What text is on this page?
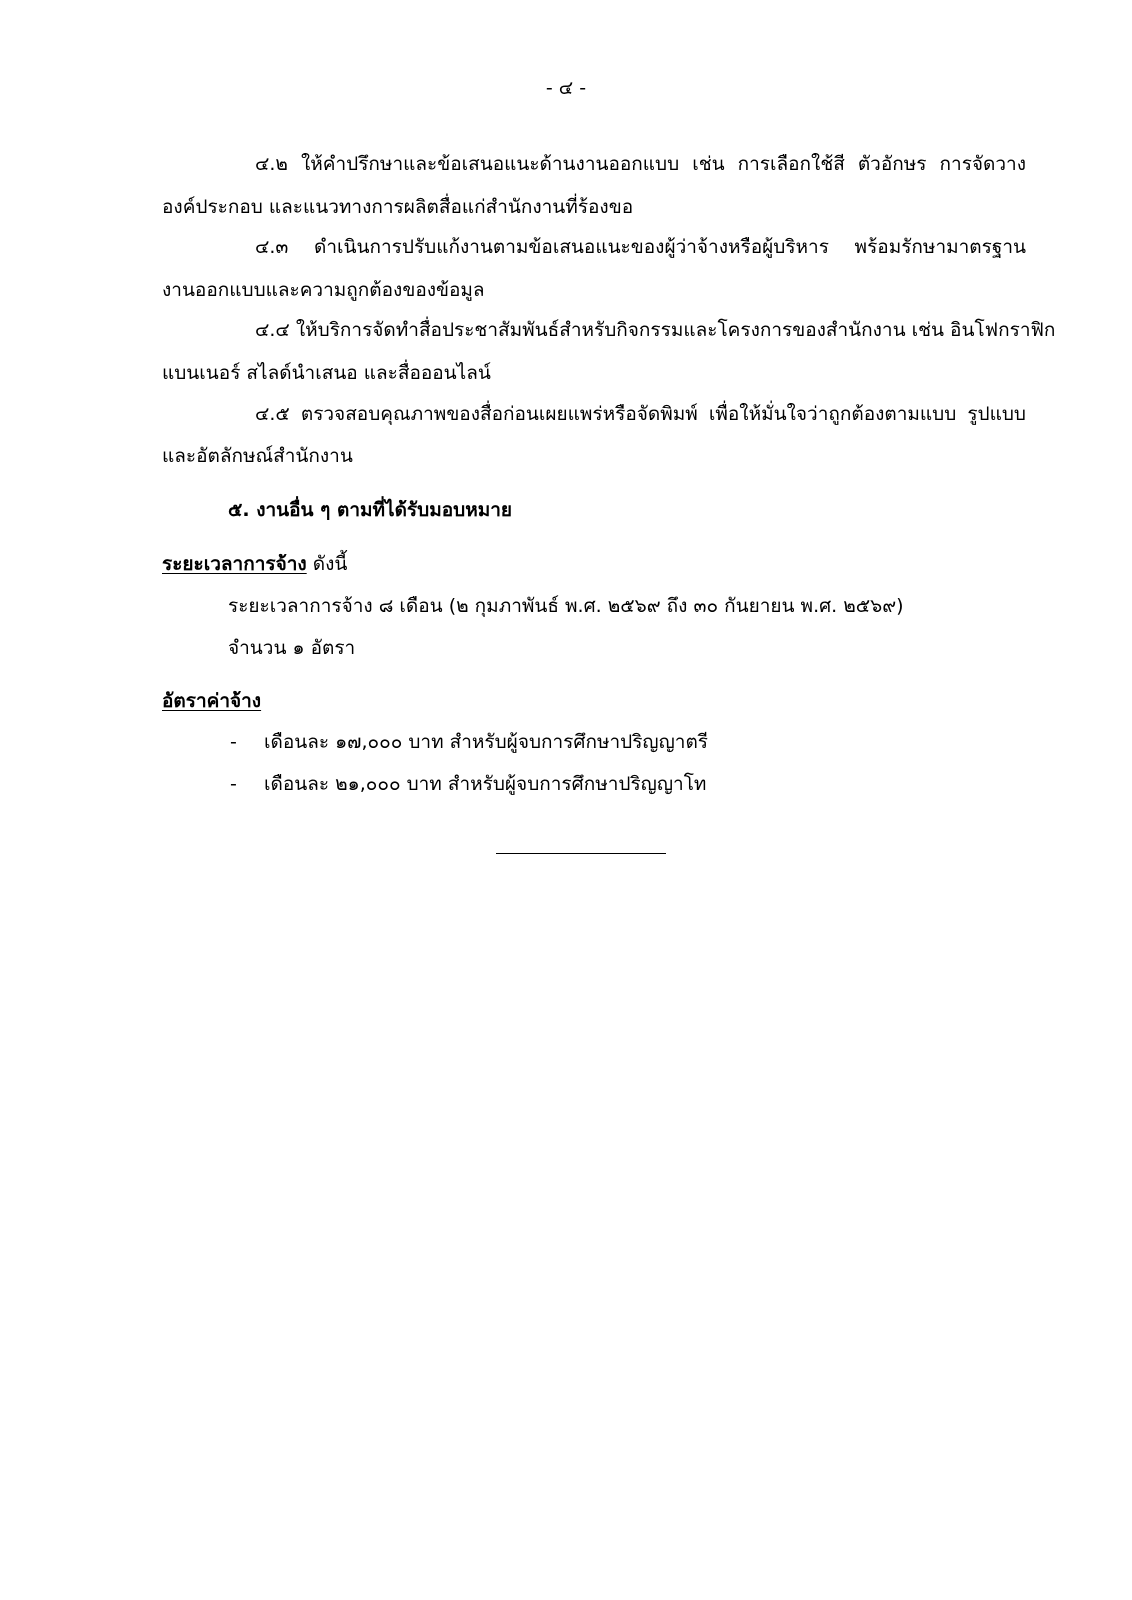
- ๔ -
๔.๒ ให้คำปรึกษาและข้อเสนอแนะด้านงานออกแบบ เช่น การเลือกใช้สี ตัวอักษร การจัดวาง
องค์ประกอบ และแนวทางการผลิตสื่อแก่สำนักงานที่ร้องขอ
๔.๓ ดำเนินการปรับแก้งานตามข้อเสนอแนะของผู้ว่าจ้างหรือผู้บริหาร พร้อมรักษามาตรฐาน
งานออกแบบและความถูกต้องของข้อมูล
๔.๔ ให้บริการจัดทำสื่อประชาสัมพันธ์สำหรับกิจกรรมและโครงการของสำนักงาน เช่น อินโฟกราฟิก
แบนเนอร์ สไลด์นำเสนอ และสื่อออนไลน์
๔.๕ ตรวจสอบคุณภาพของสื่อก่อนเผยแพร่หรือจัดพิมพ์ เพื่อให้มั่นใจว่าถูกต้องตามแบบ รูปแบบ
และอัตลักษณ์สำนักงาน
๕. งานอื่น ๆ ตามที่ได้รับมอบหมาย
ระยะเวลาการจ้าง ดังนี้
ระยะเวลาการจ้าง ๘ เดือน (๒ กุมภาพันธ์ พ.ศ. ๒๕๖๙ ถึง ๓๐ กันยายน พ.ศ. ๒๕๖๙)
จำนวน ๑ อัตรา
อัตราค่าจ้าง
- เดือนละ ๑๗,๐๐๐ บาท สำหรับผู้จบการศึกษาปริญญาตรี
- เดือนละ ๒๑,๐๐๐ บาท สำหรับผู้จบการศึกษาปริญญาโท
